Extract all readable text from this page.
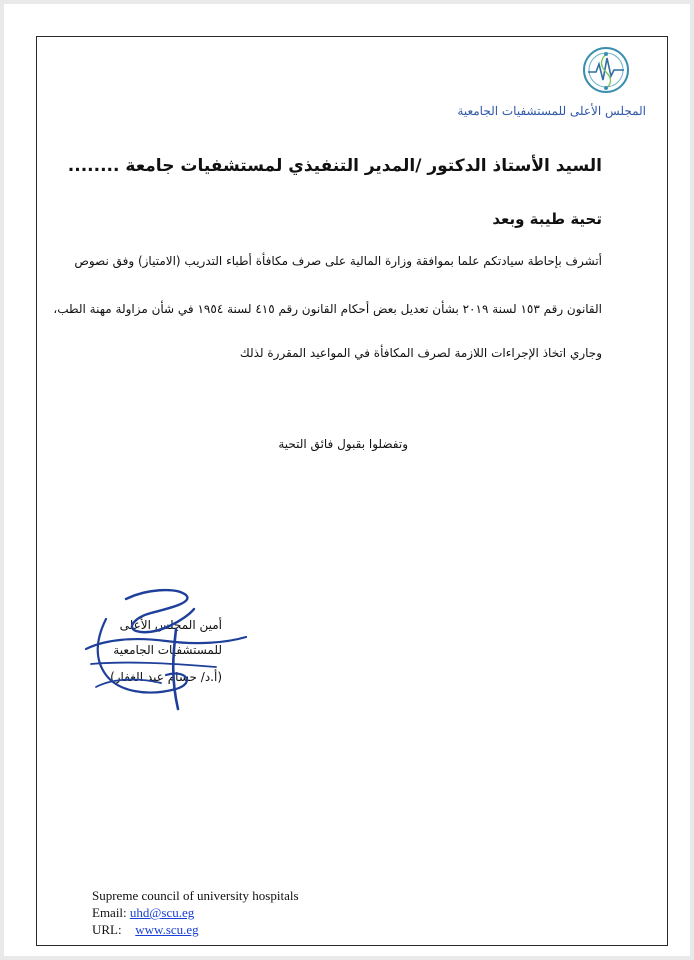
المجلس الأعلى للمستشفيات الجامعية
السيد الأستاذ الدكتور /المدير التنفيذي لمستشفيات جامعة ........
تحية طيبة وبعد
أتشرف بإحاطة سيادتكم علما بموافقة وزارة المالية على صرف مكافأة أطباء التدريب (الامتياز) وفق نصوص
القانون رقم ١٥٣ لسنة ٢٠١٩ بشأن تعديل بعض أحكام القانون رقم ٤١٥ لسنة ١٩٥٤ في شأن مزاولة مهنة الطب،
وجاري اتخاذ الإجراءات اللازمة لصرف المكافأة في المواعيد المقررة لذلك
وتفضلوا بقبول فائق التحية
أمين المجلس الأعلى
للمستشفيات الجامعية
(أ.د/ حسام عبد الغفار)
Supreme council of university hospitals
Email: uhd@scu.eg
URL: www.scu.eg
